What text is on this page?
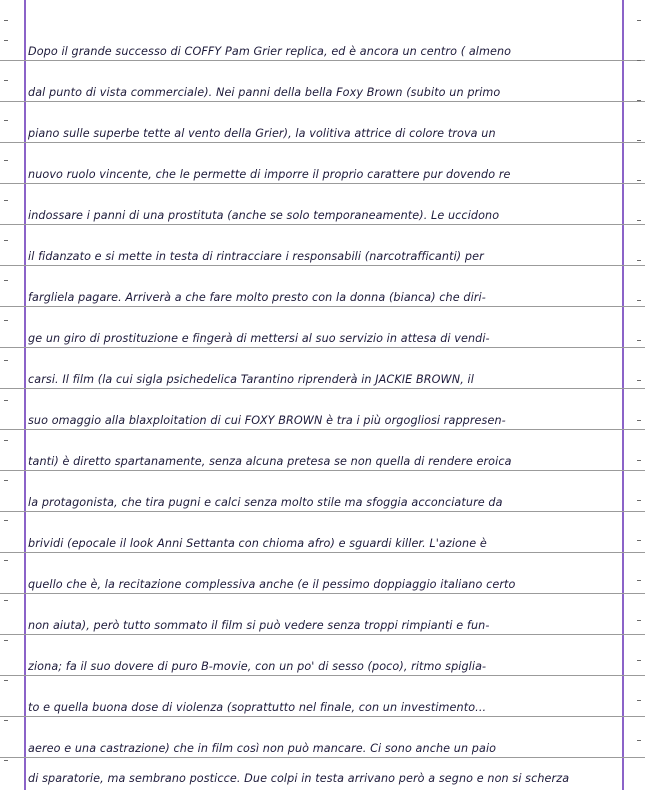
Dopo il grande successo di COFFY Pam Grier replica, ed è ancora un centro ( almeno
dal punto di vista commerciale). Nei panni della bella Foxy Brown (subito un primo
piano sulle superbe tette al vento della Grier), la volitiva attrice di colore trova un
nuovo ruolo vincente, che le permette di imporre il proprio carattere pur dovendo re
indossare i panni di una prostituta (anche se solo temporaneamente). Le uccidono
il fidanzato e si mette in testa di rintracciare i responsabili (narcotrafficanti) per
fargliela pagare. Arriverà a che fare molto presto con la donna (bianca) che diri-
ge un giro di prostituzione e fingerà di mettersi al suo servizio in attesa di vendi-
carsi. Il film (la cui sigla psichedelica Tarantino riprenderà in JACKIE BROWN, il
suo omaggio alla blaxploitation di cui FOXY BROWN è tra i più orgogliosi rappresen-
tanti) è diretto spartanamente, senza alcuna pretesa se non quella di rendere eroica
la protagonista, che tira pugni e calci senza molto stile ma sfoggia acconciature da
brividi (epocale il look Anni Settanta con chioma afro) e sguardi killer. L'azione è
quello che è, la recitazione complessiva anche (e il pessimo doppiaggio italiano certo
non aiuta), però tutto sommato il film si può vedere senza troppi rimpianti e fun-
ziona; fa il suo dovere di puro B-movie, con un po' di sesso (poco), ritmo spiglia-
to e quella buona dose di violenza (soprattutto nel finale, con un investimento...
aereo e una castrazione) che in film così non può mancare. Ci sono anche un paio
di sparatorie, ma sembrano posticce. Due colpi in testa arrivano però a segno e non si scherza
